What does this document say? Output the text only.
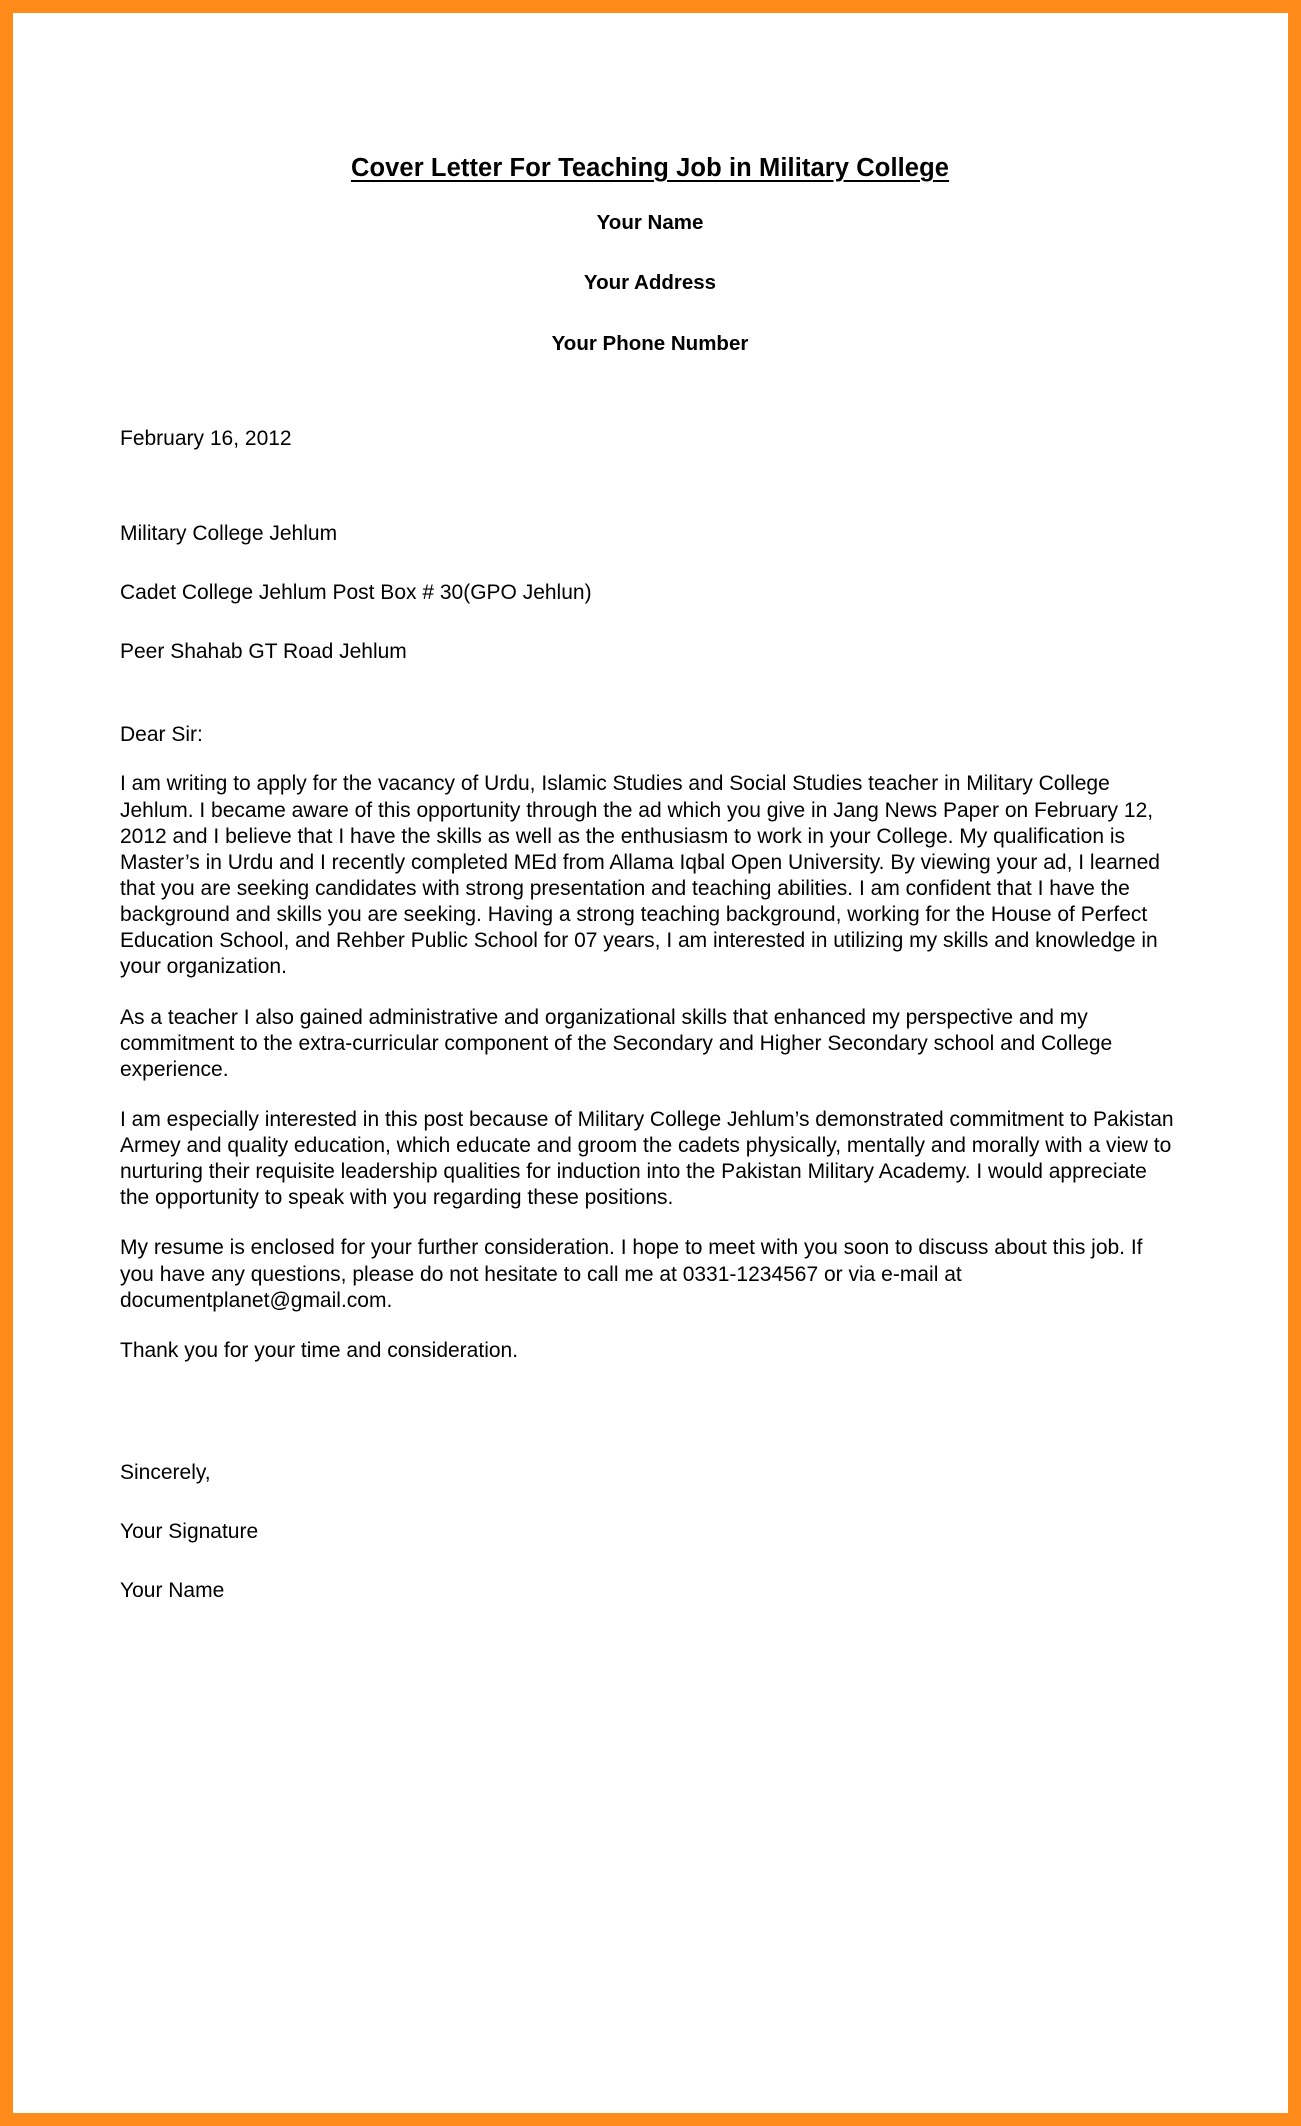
Cover Letter For Teaching Job in Military College
Your Name
Your Address
Your Phone Number
February 16, 2012
Military College Jehlum
Cadet College Jehlum Post Box # 30(GPO Jehlun)
Peer Shahab GT Road Jehlum
Dear Sir:

I am writing to apply for the vacancy of Urdu, Islamic Studies and Social Studies teacher in Military College Jehlum. I became aware of this opportunity through the ad which you give in Jang News Paper on February 12, 2012 and I believe that I have the skills as well as the enthusiasm to work in your College. My qualification is Master’s in Urdu and I recently completed MEd from Allama Iqbal Open University. By viewing your ad, I learned that you are seeking candidates with strong presentation and teaching abilities. I am confident that I have the background and skills you are seeking. Having a strong teaching background, working for the House of Perfect Education School, and Rehber Public School for 07 years, I am interested in utilizing my skills and knowledge in your organization.

As a teacher I also gained administrative and organizational skills that enhanced my perspective and my commitment to the extra-curricular component of the Secondary and Higher Secondary school and College experience.

I am especially interested in this post because of Military College Jehlum’s demonstrated commitment to Pakistan Armey and quality education, which educate and groom the cadets physically, mentally and morally with a view to nurturing their requisite leadership qualities for induction into the Pakistan Military Academy. I would appreciate the opportunity to speak with you regarding these positions.

My resume is enclosed for your further consideration. I hope to meet with you soon to discuss about this job. If you have any questions, please do not hesitate to call me at 0331-1234567 or via e-mail at documentplanet@gmail.com.

Thank you for your time and consideration.

Sincerely,
Your Signature
Your Name
